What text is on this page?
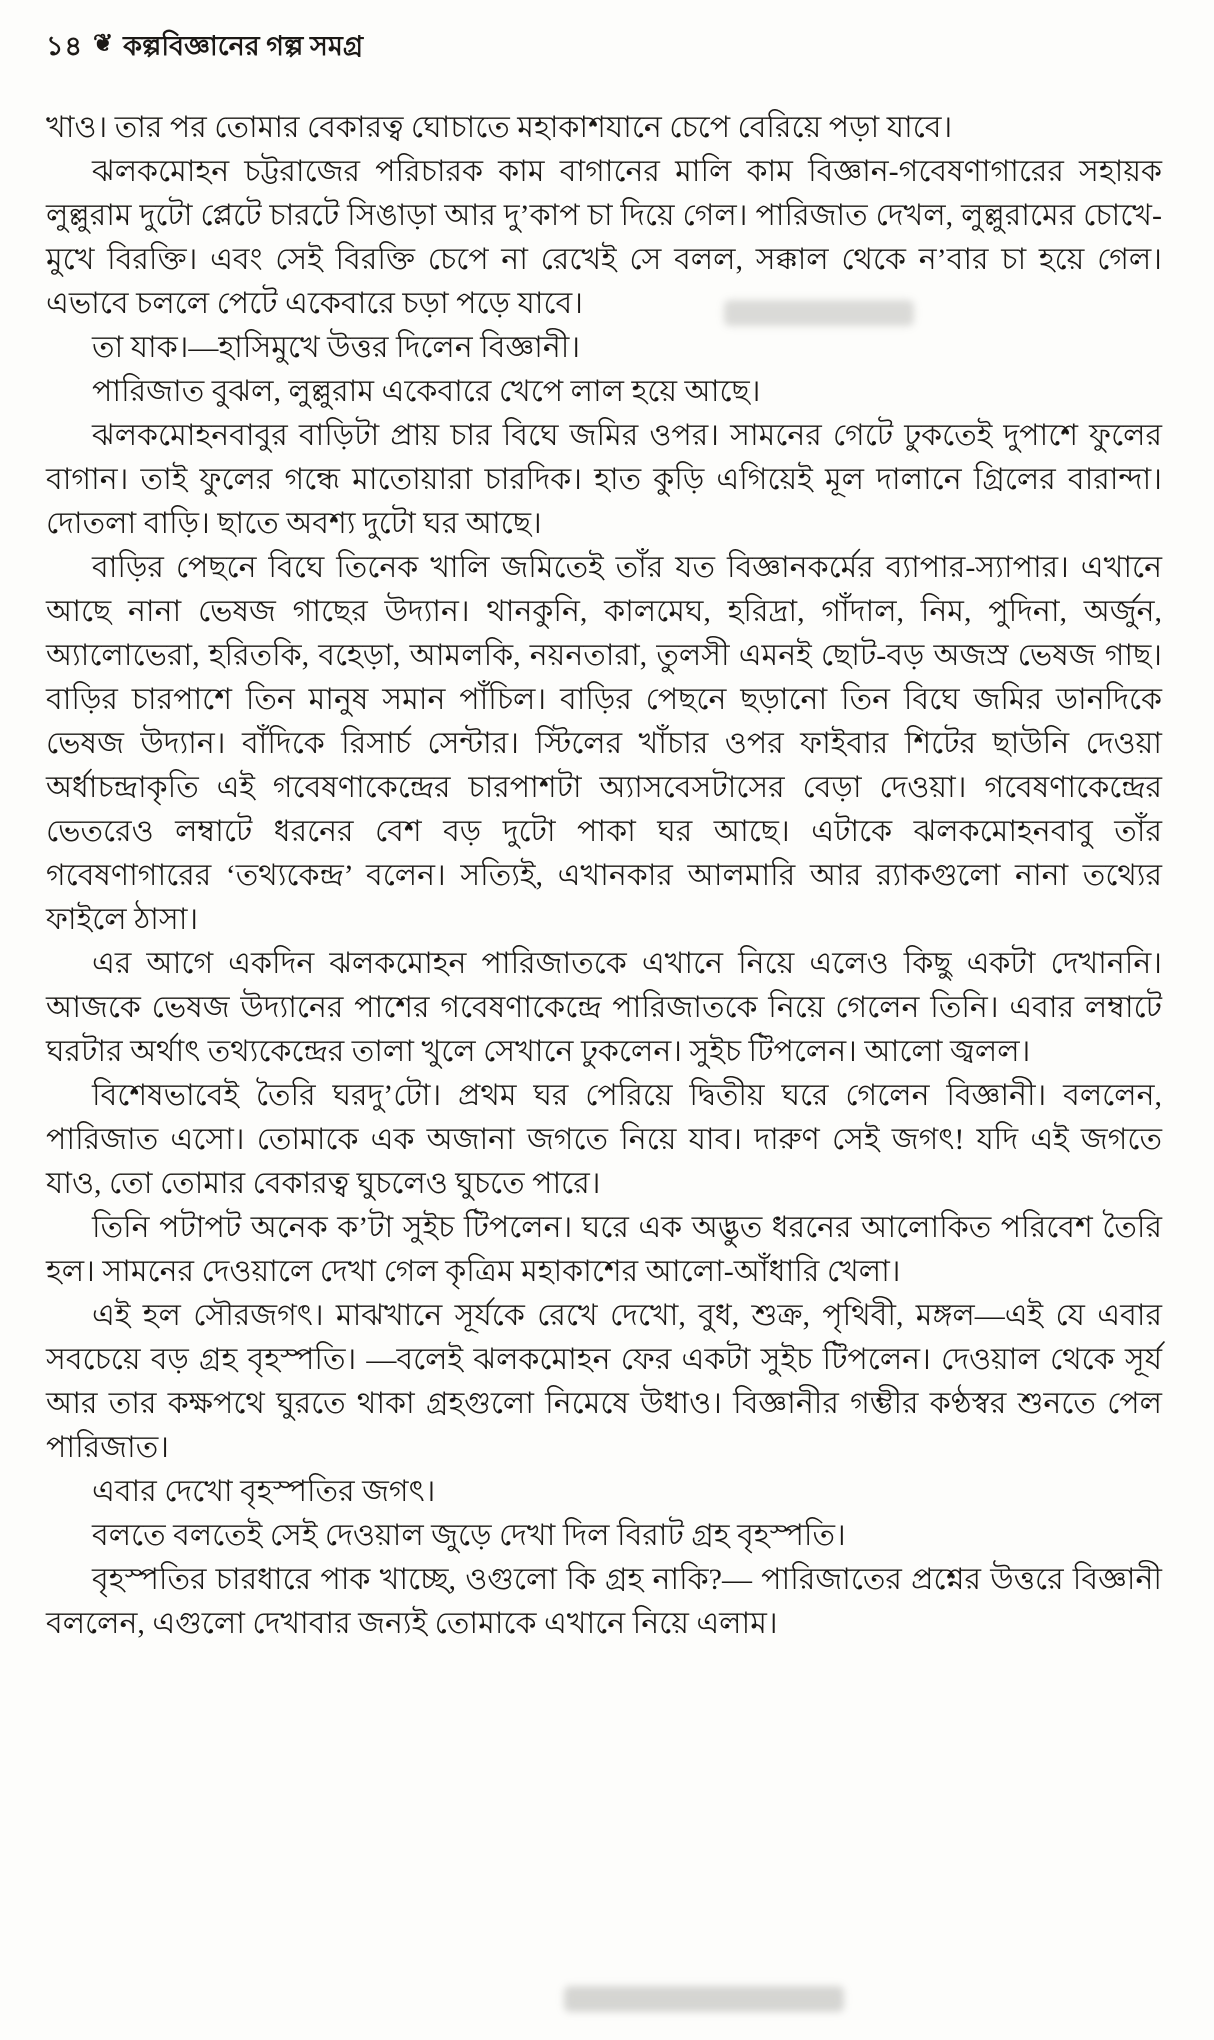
১৪ ❦ কল্পবিজ্ঞানের গল্প সমগ্র

খাও। তার পর তোমার বেকারত্ব ঘোচাতে মহাকাশযানে চেপে বেরিয়ে পড়া যাবে।

ঝলকমোহন চট্টরাজের পরিচারক কাম বাগানের মালি কাম বিজ্ঞান-গবেষণাগারের সহায়ক লুল্লুরাম দুটো প্লেটে চারটে সিঙাড়া আর দু’কাপ চা দিয়ে গেল। পারিজাত দেখল, লুল্লুরামের চোখে-মুখে বিরক্তি। এবং সেই বিরক্তি চেপে না রেখেই সে বলল, সক্কাল থেকে ন’বার চা হয়ে গেল। এভাবে চললে পেটে একেবারে চড়া পড়ে যাবে।

তা যাক।—হাসিমুখে উত্তর দিলেন বিজ্ঞানী।

পারিজাত বুঝল, লুল্লুরাম একেবারে খেপে লাল হয়ে আছে।

ঝলকমোহনবাবুর বাড়িটা প্রায় চার বিঘে জমির ওপর। সামনের গেটে ঢুকতেই দুপাশে ফুলের বাগান। তাই ফুলের গন্ধে মাতোয়ারা চারদিক। হাত কুড়ি এগিয়েই মূল দালানে গ্রিলের বারান্দা। দোতলা বাড়ি। ছাতে অবশ্য দুটো ঘর আছে।

বাড়ির পেছনে বিঘে তিনেক খালি জমিতেই তাঁর যত বিজ্ঞানকর্মের ব্যাপার-স্যাপার। এখানে আছে নানা ভেষজ গাছের উদ্যান। থানকুনি, কালমেঘ, হরিদ্রা, গাঁদাল, নিম, পুদিনা, অর্জুন, অ্যালোভেরা, হরিতকি, বহেড়া, আমলকি, নয়নতারা, তুলসী এমনই ছোট-বড় অজস্র ভেষজ গাছ। বাড়ির চারপাশে তিন মানুষ সমান পাঁচিল। বাড়ির পেছনে ছড়ানো তিন বিঘে জমির ডানদিকে ভেষজ উদ্যান। বাঁদিকে রিসার্চ সেন্টার। স্টিলের খাঁচার ওপর ফাইবার শিটের ছাউনি দেওয়া অর্ধাচন্দ্রাকৃতি এই গবেষণাকেন্দ্রের চারপাশটা অ্যাসবেসটাসের বেড়া দেওয়া। গবেষণাকেন্দ্রের ভেতরেও লম্বাটে ধরনের বেশ বড় দুটো পাকা ঘর আছে। এটাকে ঝলকমোহনবাবু তাঁর গবেষণাগারের ‘তথ্যকেন্দ্র’ বলেন। সত্যিই, এখানকার আলমারি আর র‍্যাকগুলো নানা তথ্যের ফাইলে ঠাসা।

এর আগে একদিন ঝলকমোহন পারিজাতকে এখানে নিয়ে এলেও কিছু একটা দেখাননি। আজকে ভেষজ উদ্যানের পাশের গবেষণাকেন্দ্রে পারিজাতকে নিয়ে গেলেন তিনি। এবার লম্বাটে ঘরটার অর্থাৎ তথ্যকেন্দ্রের তালা খুলে সেখানে ঢুকলেন। সুইচ টিপলেন। আলো জ্বলল।

বিশেষভাবেই তৈরি ঘরদু’টো। প্রথম ঘর পেরিয়ে দ্বিতীয় ঘরে গেলেন বিজ্ঞানী। বললেন, পারিজাত এসো। তোমাকে এক অজানা জগতে নিয়ে যাব। দারুণ সেই জগৎ! যদি এই জগতে যাও, তো তোমার বেকারত্ব ঘুচলেও ঘুচতে পারে।

তিনি পটাপট অনেক ক’টা সুইচ টিপলেন। ঘরে এক অদ্ভুত ধরনের আলোকিত পরিবেশ তৈরি হল। সামনের দেওয়ালে দেখা গেল কৃত্রিম মহাকাশের আলো-আঁধারি খেলা।

এই হল সৌরজগৎ। মাঝখানে সূর্যকে রেখে দেখো, বুধ, শুক্র, পৃথিবী, মঙ্গল—এই যে এবার সবচেয়ে বড় গ্রহ বৃহস্পতি। —বলেই ঝলকমোহন ফের একটা সুইচ টিপলেন। দেওয়াল থেকে সূর্য আর তার কক্ষপথে ঘুরতে থাকা গ্রহগুলো নিমেষে উধাও। বিজ্ঞানীর গম্ভীর কণ্ঠস্বর শুনতে পেল পারিজাত।

এবার দেখো বৃহস্পতির জগৎ।

বলতে বলতেই সেই দেওয়াল জুড়ে দেখা দিল বিরাট গ্রহ বৃহস্পতি।

বৃহস্পতির চারধারে পাক খাচ্ছে, ওগুলো কি গ্রহ নাকি?— পারিজাতের প্রশ্নের উত্তরে বিজ্ঞানী বললেন, এগুলো দেখাবার জন্যই তোমাকে এখানে নিয়ে এলাম।
